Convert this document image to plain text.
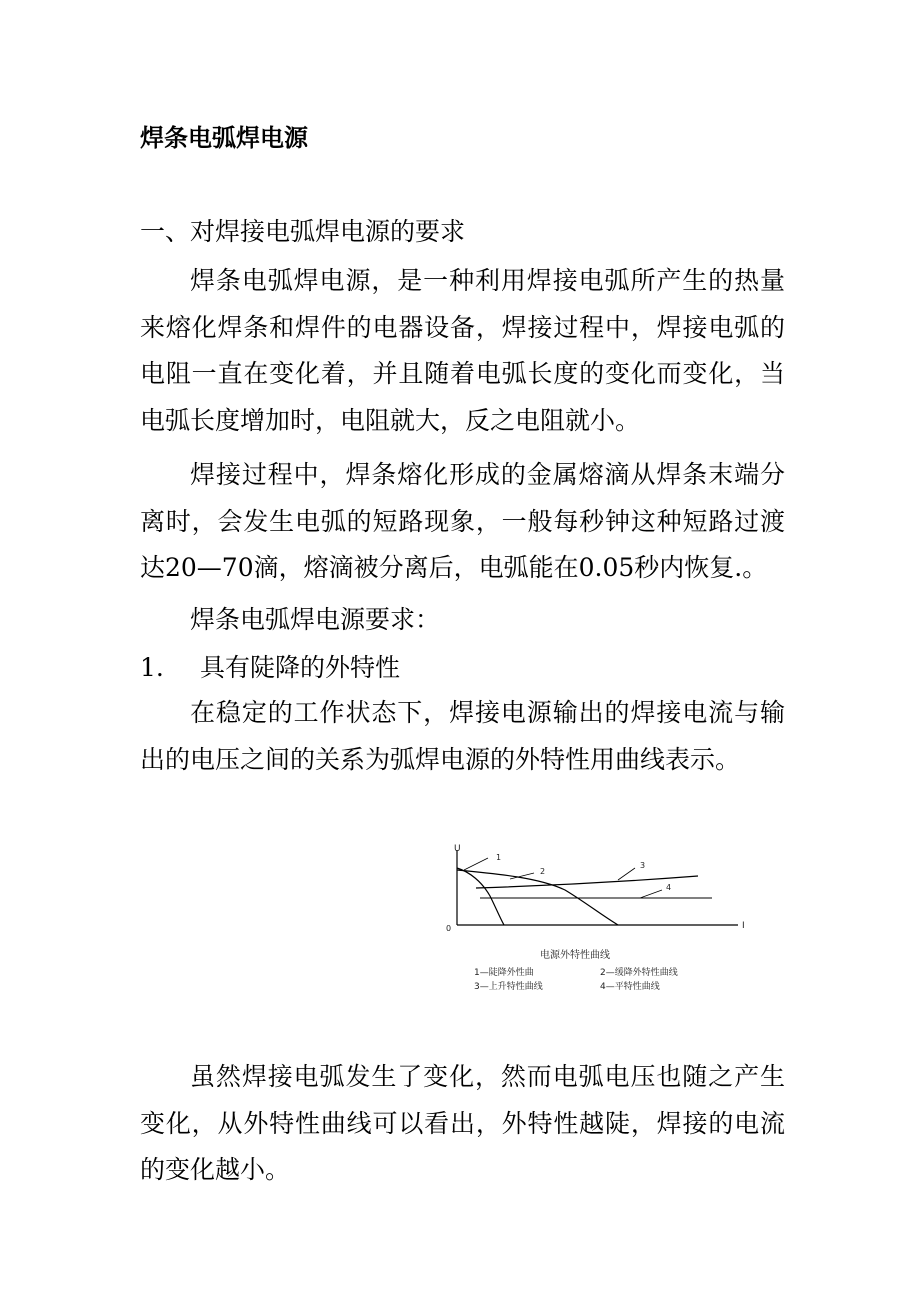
焊条电弧焊电源

一、对焊接电弧焊电源的要求

焊条电弧焊电源，是一种利用焊接电弧所产生的热量来熔化焊条和焊件的电器设备，焊接过程中，焊接电弧的电阻一直在变化着，并且随着电弧长度的变化而变化，当电弧长度增加时，电阻就大，反之电阻就小。

焊接过程中，焊条熔化形成的金属熔滴从焊条末端分离时，会发生电弧的短路现象，一般每秒钟这种短路过渡达20—70滴，熔滴被分离后，电弧能在0.05秒内恢复.。

焊条电弧焊电源要求：

1. 具有陡降的外特性

在稳定的工作状态下，焊接电源输出的焊接电流与输出的电压之间的关系为弧焊电源的外特性用曲线表示。

U
I
0
1
2
3
4
电源外特性曲线
1—陡降外性曲	2—缓降外特性曲线
3—上升特性曲线	4—平特性曲线

虽然焊接电弧发生了变化，然而电弧电压也随之产生变化，从外特性曲线可以看出，外特性越陡，焊接的电流的变化越小。
